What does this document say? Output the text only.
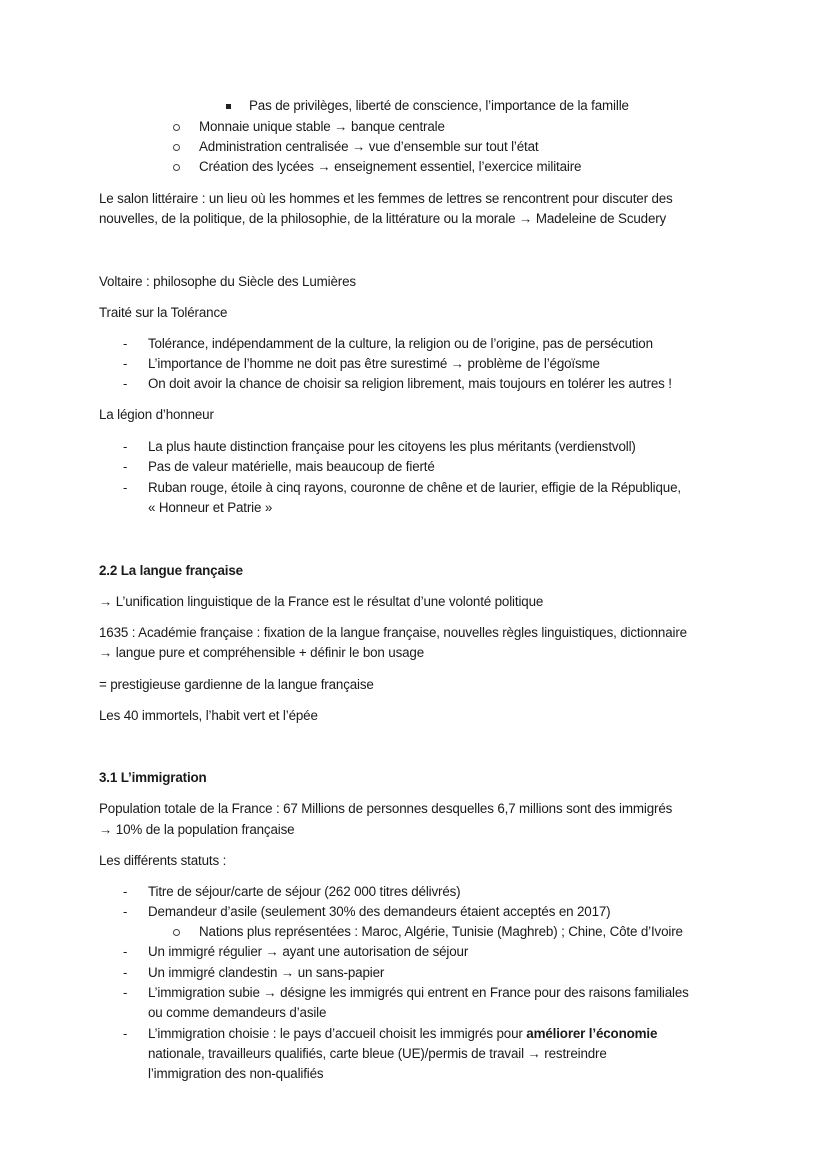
Pas de privilèges, liberté de conscience, l’importance de la famille
Monnaie unique stable → banque centrale
Administration centralisée → vue d’ensemble sur tout l’état
Création des lycées → enseignement essentiel, l’exercice militaire
Le salon littéraire : un lieu où les hommes et les femmes de lettres se rencontrent pour discuter des
nouvelles, de la politique, de la philosophie, de la littérature ou la morale → Madeleine de Scudery
Voltaire : philosophe du Siècle des Lumières
Traité sur la Tolérance
- Tolérance, indépendamment de la culture, la religion ou de l’origine, pas de persécution
- L’importance de l’homme ne doit pas être surestimé → problème de l’égoïsme
- On doit avoir la chance de choisir sa religion librement, mais toujours en tolérer les autres !
La légion d’honneur
- La plus haute distinction française pour les citoyens les plus méritants (verdienstvoll)
- Pas de valeur matérielle, mais beaucoup de fierté
- Ruban rouge, étoile à cinq rayons, couronne de chêne et de laurier, effigie de la République,
« Honneur et Patrie »
2.2 La langue française
→ L’unification linguistique de la France est le résultat d’une volonté politique
1635 : Académie française : fixation de la langue française, nouvelles règles linguistiques, dictionnaire
→ langue pure et compréhensible + définir le bon usage
= prestigieuse gardienne de la langue française
Les 40 immortels, l’habit vert et l’épée
3.1 L’immigration
Population totale de la France : 67 Millions de personnes desquelles 6,7 millions sont des immigrés
→ 10% de la population française
Les différents statuts :
- Titre de séjour/carte de séjour (262 000 titres délivrés)
- Demandeur d’asile (seulement 30% des demandeurs étaient acceptés en 2017)
Nations plus représentées : Maroc, Algérie, Tunisie (Maghreb) ; Chine, Côte d’Ivoire
- Un immigré régulier → ayant une autorisation de séjour
- Un immigré clandestin → un sans-papier
- L’immigration subie → désigne les immigrés qui entrent en France pour des raisons familiales
ou comme demandeurs d’asile
- L’immigration choisie : le pays d’accueil choisit les immigrés pour améliorer l’économie
nationale, travailleurs qualifiés, carte bleue (UE)/permis de travail → restreindre
l’immigration des non-qualifiés
